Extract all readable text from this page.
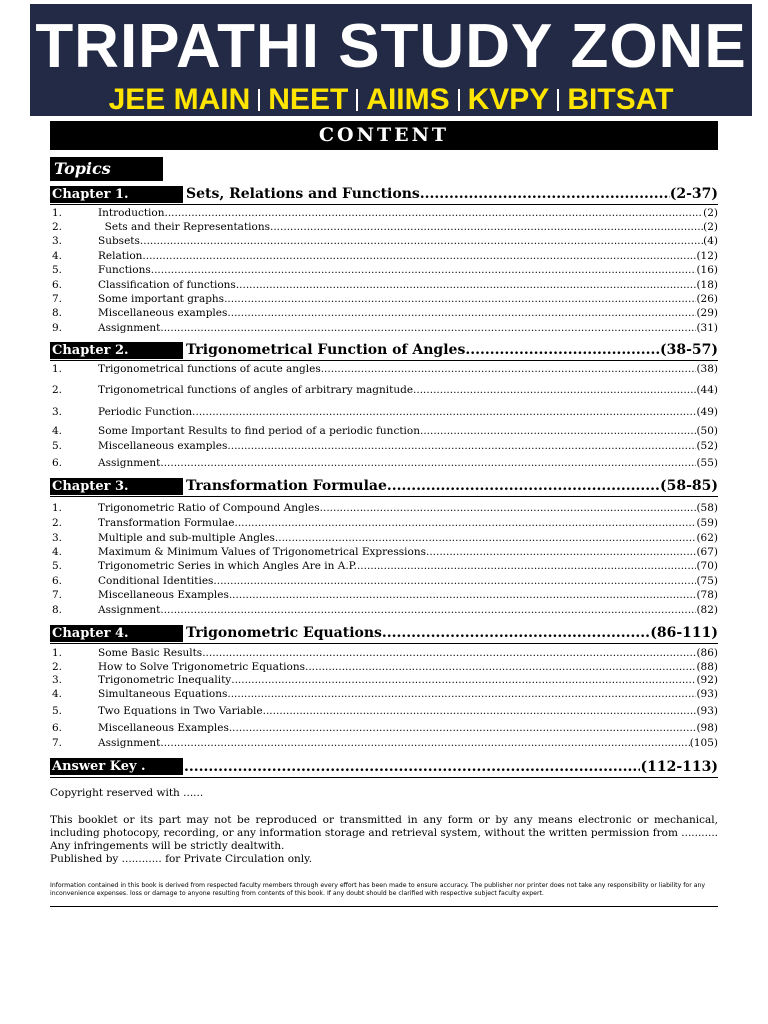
TRIPATHI STUDY ZONE
JEE MAIN NEET AIIMS KVPY BITSAT
CONTENT
Topics
Chapter 1.	Sets, Relations and Functions .....	(2-37)
1.	Introduction .....	(2)
2.	Sets and their Representations .....	(2)
3.	Subsets .....	(4)
4.	Relation .....	(12)
5.	Functions .....	(16)
6.	Classification of functions .....	(18)
7.	Some important graphs .....	(26)
8.	Miscellaneous examples .....	(29)
9.	Assignment .....	(31)
Chapter 2.	Trigonometrical Function of Angles .....	(38-57)
1.	Trigonometrical functions of acute angles .....	(38)
2.	Trigonometrical functions of angles of arbitrary magnitude .....	(44)
3.	Periodic Function .....	(49)
4.	Some Important Results to find period of a periodic function .....	(50)
5.	Miscellaneous examples .....	(52)
6.	Assignment .....	(55)
Chapter 3.	Transformation Formulae .....	(58-85)
1.	Trigonometric Ratio of Compound Angles .....	(58)
2.	Transformation Formulae .....	(59)
3.	Multiple and sub-multiple Angles .....	(62)
4.	Maximum & Minimum Values of Trigonometrical Expressions .....	(67)
5.	Trigonometric Series in which Angles Are in A.P. .....	(70)
6.	Conditional Identities .....	(75)
7.	Miscellaneous Examples .....	(78)
8.	Assignment .....	(82)
Chapter 4.	Trigonometric Equations .....	(86-111)
1.	Some Basic Results .....	(86)
2.	How to Solve Trigonometric Equations .....	(88)
3.	Trigonometric Inequality .....	(92)
4.	Simultaneous Equations .....	(93)
5.	Two Equations in Two Variable .....	(93)
6.	Miscellaneous Examples .....	(98)
7.	Assignment .....	(105)
Answer Key . .....	(112-113)
Copyright reserved with ......
This booklet or its part may not be reproduced or transmitted in any form or by any means electronic or mechanical, including photocopy, recording, or any information storage and retrieval system, without the written permission from ........... Any infringements will be strictly dealtwith.
Published by ............ for Private Circulation only.
Information contained in this book is derived from respected faculty members through every effort has been made to ensure accuracy. The publisher nor printer does not take any responsibility or liability for any inconvenience expenses. loss or damage to anyone resulting from contents of this book. If any doubt should be clarified with respective subject faculty expert.
